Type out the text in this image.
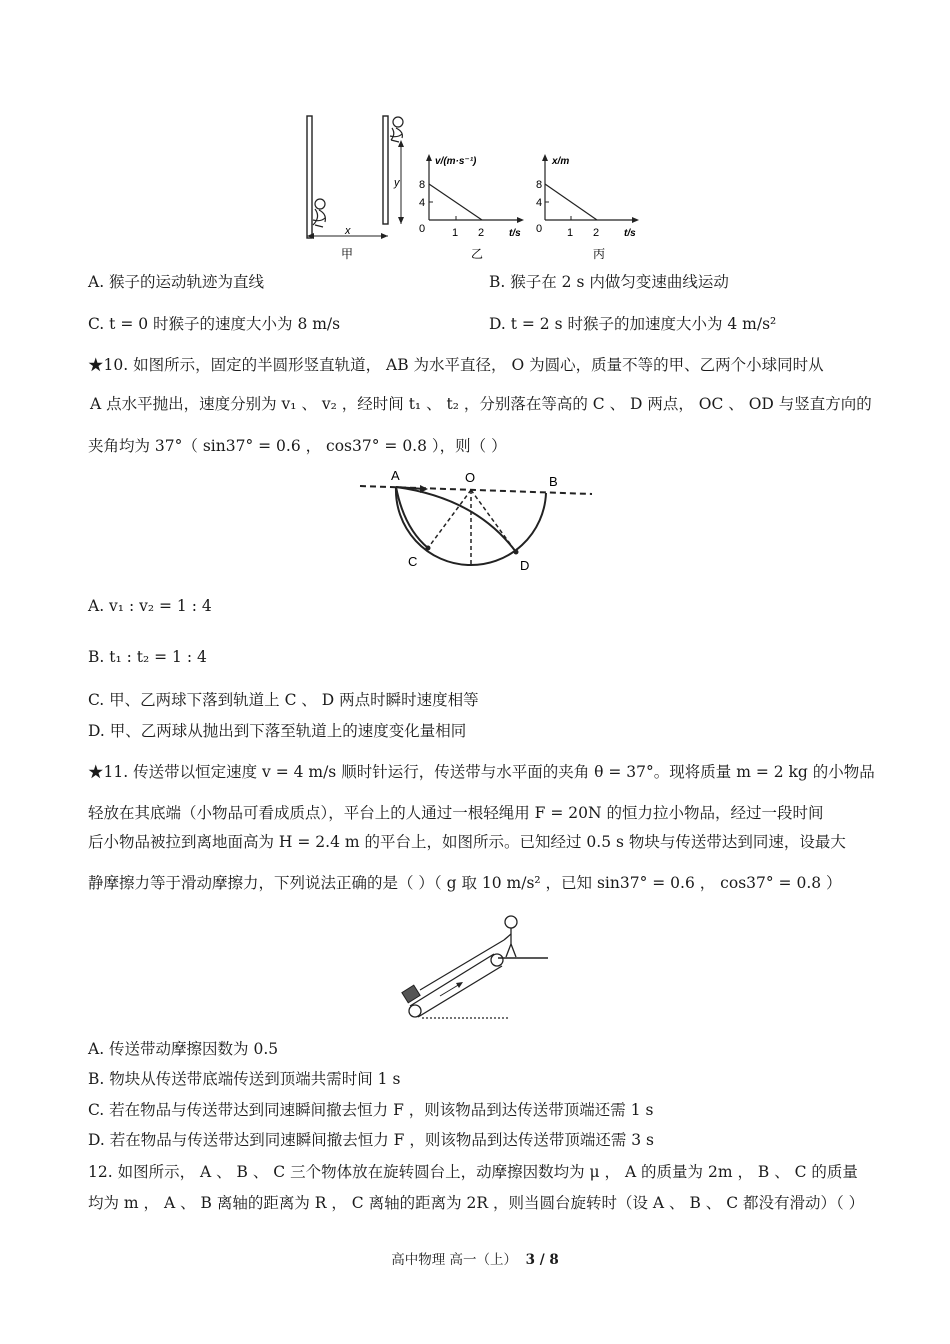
y
x
甲
v/(m·s⁻¹)
8
4
0 1 2 t/s
乙
x/m
8
4
0 1 2 t/s
丙
A. 猴子的运动轨迹为直线	B. 猴子在 2 s 内做匀变速曲线运动
C. t = 0 时猴子的速度大小为 8 m/s	D. t = 2 s 时猴子的加速度大小为 4 m/s²
★10. 如图所示，固定的半圆形竖直轨道， AB 为水平直径， O 为圆心，质量不等的甲、乙两个小球同时从
A 点水平抛出，速度分别为 v₁ 、 v₂ ，经时间 t₁ 、 t₂ ，分别落在等高的 C 、 D 两点， OC 、 OD 与竖直方向的
夹角均为 37°（ sin37° = 0.6 ， cos37° = 0.8 ），则（ ）
A	O	B
C	D
A. v₁ : v₂ = 1 : 4
B. t₁ : t₂ = 1 : 4
C. 甲、乙两球下落到轨道上 C 、 D 两点时瞬时速度相等
D. 甲、乙两球从抛出到下落至轨道上的速度变化量相同
★11. 传送带以恒定速度 v = 4 m/s 顺时针运行，传送带与水平面的夹角 θ = 37°。现将质量 m = 2 kg 的小物品
轻放在其底端（小物品可看成质点），平台上的人通过一根轻绳用 F = 20N 的恒力拉小物品，经过一段时间
后小物品被拉到离地面高为 H = 2.4 m 的平台上，如图所示。已知经过 0.5 s 物块与传送带达到同速，设最大
静摩擦力等于滑动摩擦力，下列说法正确的是（ ）（ g 取 10 m/s² ，已知 sin37° = 0.6 ， cos37° = 0.8 ）
A. 传送带动摩擦因数为 0.5
B. 物块从传送带底端传送到顶端共需时间 1 s
C. 若在物品与传送带达到同速瞬间撤去恒力 F ，则该物品到达传送带顶端还需 1 s
D. 若在物品与传送带达到同速瞬间撤去恒力 F ，则该物品到达传送带顶端还需 3 s
12. 如图所示， A 、 B 、 C 三个物体放在旋转圆台上，动摩擦因数均为 μ ， A 的质量为 2m ， B 、 C 的质量
均为 m ， A 、 B 离轴的距离为 R ， C 离轴的距离为 2R ，则当圆台旋转时（设 A 、 B 、 C 都没有滑动）（ ）
高中物理 高一（上） 3 / 8
